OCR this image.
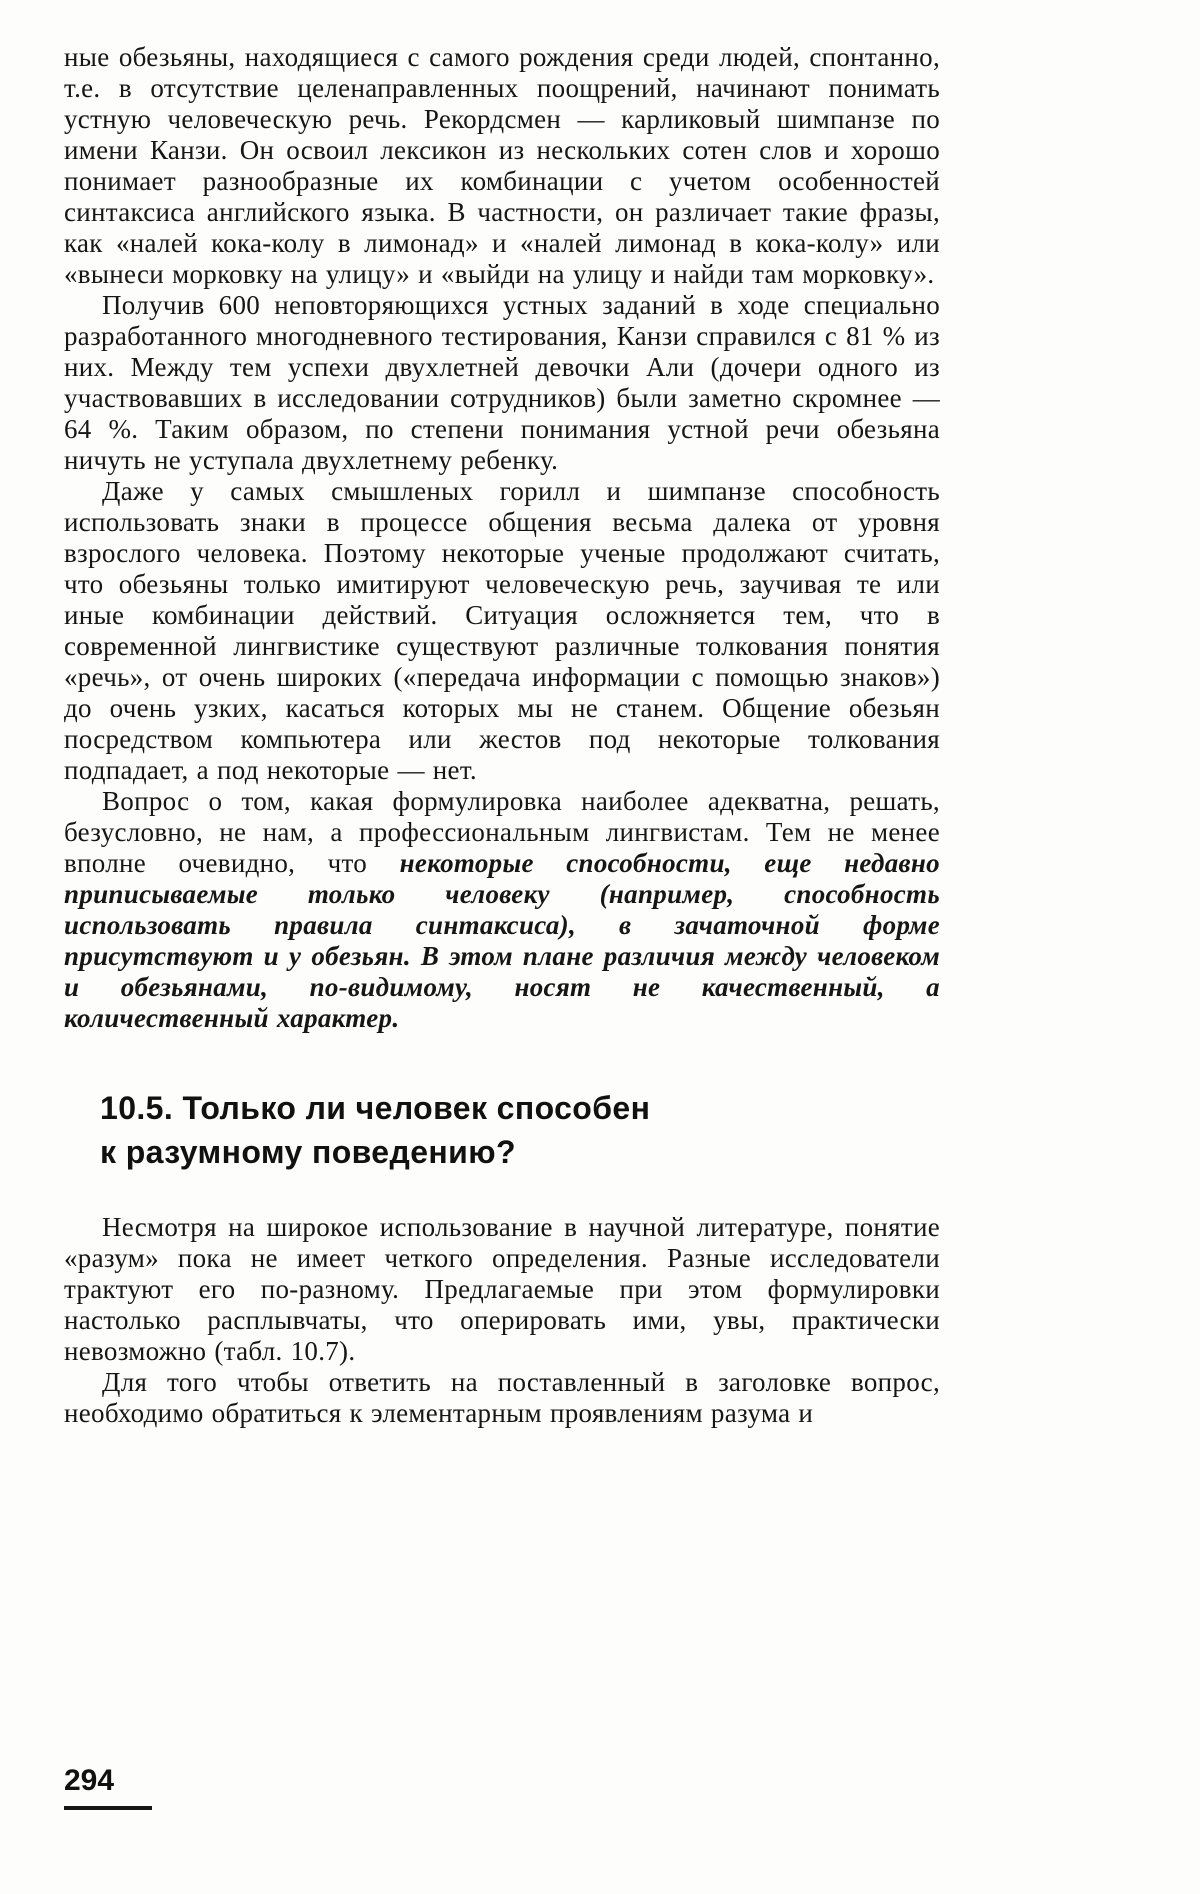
ные обезьяны, находящиеся с самого рождения среди людей, спонтанно, т.е. в отсутствие целенаправленных поощрений, начинают понимать устную человеческую речь. Рекордсмен — карликовый шимпанзе по имени Канзи. Он освоил лексикон из нескольких сотен слов и хорошо понимает разнообразные их комбинации с учетом особенностей синтаксиса английского языка. В частности, он различает такие фразы, как «налей кока-колу в лимонад» и «налей лимонад в кока-колу» или «вынеси морковку на улицу» и «выйди на улицу и найди там морковку».

Получив 600 неповторяющихся устных заданий в ходе специально разработанного многодневного тестирования, Канзи справился с 81 % из них. Между тем успехи двухлетней девочки Али (дочери одного из участвовавших в исследовании сотрудников) были заметно скромнее — 64 %. Таким образом, по степени понимания устной речи обезьяна ничуть не уступала двухлетнему ребенку.

Даже у самых смышленых горилл и шимпанзе способность использовать знаки в процессе общения весьма далека от уровня взрослого человека. Поэтому некоторые ученые продолжают считать, что обезьяны только имитируют человеческую речь, заучивая те или иные комбинации действий. Ситуация осложняется тем, что в современной лингвистике существуют различные толкования понятия «речь», от очень широких («передача информации с помощью знаков») до очень узких, касаться которых мы не станем. Общение обезьян посредством компьютера или жестов под некоторые толкования подпадает, а под некоторые — нет.

Вопрос о том, какая формулировка наиболее адекватна, решать, безусловно, не нам, а профессиональным лингвистам. Тем не менее вполне очевидно, что некоторые способности, еще недавно приписываемые только человеку (например, способность использовать правила синтаксиса), в зачаточной форме присутствуют и у обезьян. В этом плане различия между человеком и обезьянами, по-видимому, носят не качественный, а количественный характер.

10.5. Только ли человек способен
к разумному поведению?

Несмотря на широкое использование в научной литературе, понятие «разум» пока не имеет четкого определения. Разные исследователи трактуют его по-разному. Предлагаемые при этом формулировки настолько расплывчаты, что оперировать ими, увы, практически невозможно (табл. 10.7).

Для того чтобы ответить на поставленный в заголовке вопрос, необходимо обратиться к элементарным проявлениям разума и

294
